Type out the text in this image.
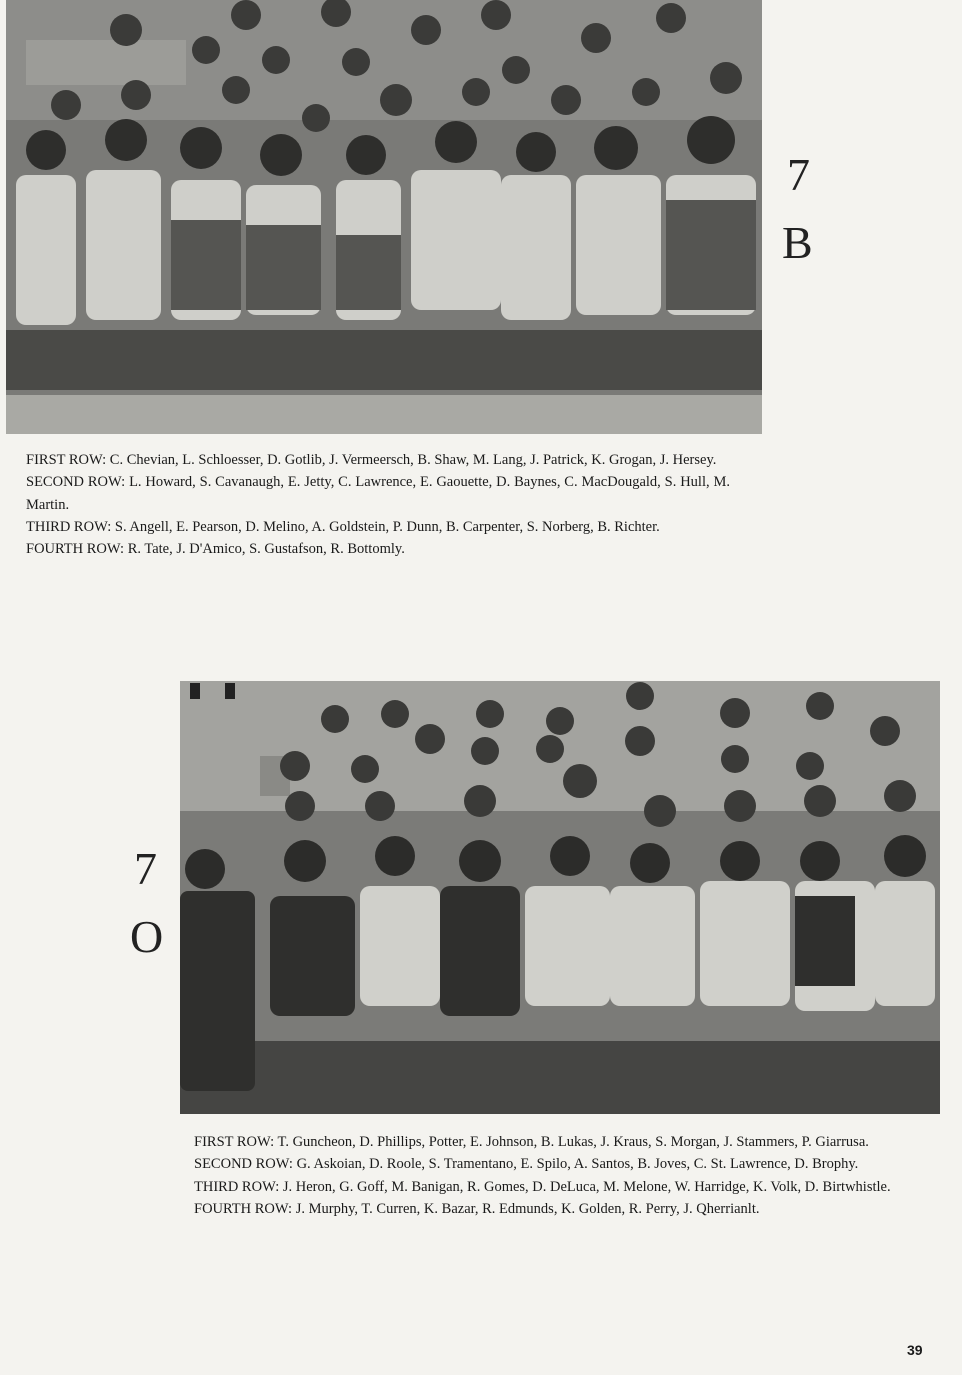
7
B

FIRST ROW: C. Chevian, L. Schloesser, D. Gotlib, J. Vermeersch, B. Shaw, M. Lang, J. Patrick, K. Grogan, J. Hersey.

SECOND ROW: L. Howard, S. Cavanaugh, E. Jetty, C. Lawrence, E. Gaouette, D. Baynes, C. MacDougald, S. Hull, M. Martin.

THIRD ROW: S. Angell, E. Pearson, D. Melino, A. Goldstein, P. Dunn, B. Carpenter, S. Norberg, B. Richter.

FOURTH ROW: R. Tate, J. D'Amico, S. Gustafson, R. Bottomly.

7
O

FIRST ROW: T. Guncheon, D. Phillips, Potter, E. Johnson, B. Lukas, J. Kraus, S. Morgan, J. Stammers, P. Giarrusa.

SECOND ROW: G. Askoian, D. Roole, S. Tramentano, E. Spilo, A. Santos, B. Joves, C. St. Lawrence, D. Brophy.

THIRD ROW: J. Heron, G. Goff, M. Banigan, R. Gomes, D. DeLuca, M. Melone, W. Harridge, K. Volk, D. Birtwhistle.

FOURTH ROW: J. Murphy, T. Curren, K. Bazar, R. Edmunds, K. Golden, R. Perry, J. Qherrianlt.

39
